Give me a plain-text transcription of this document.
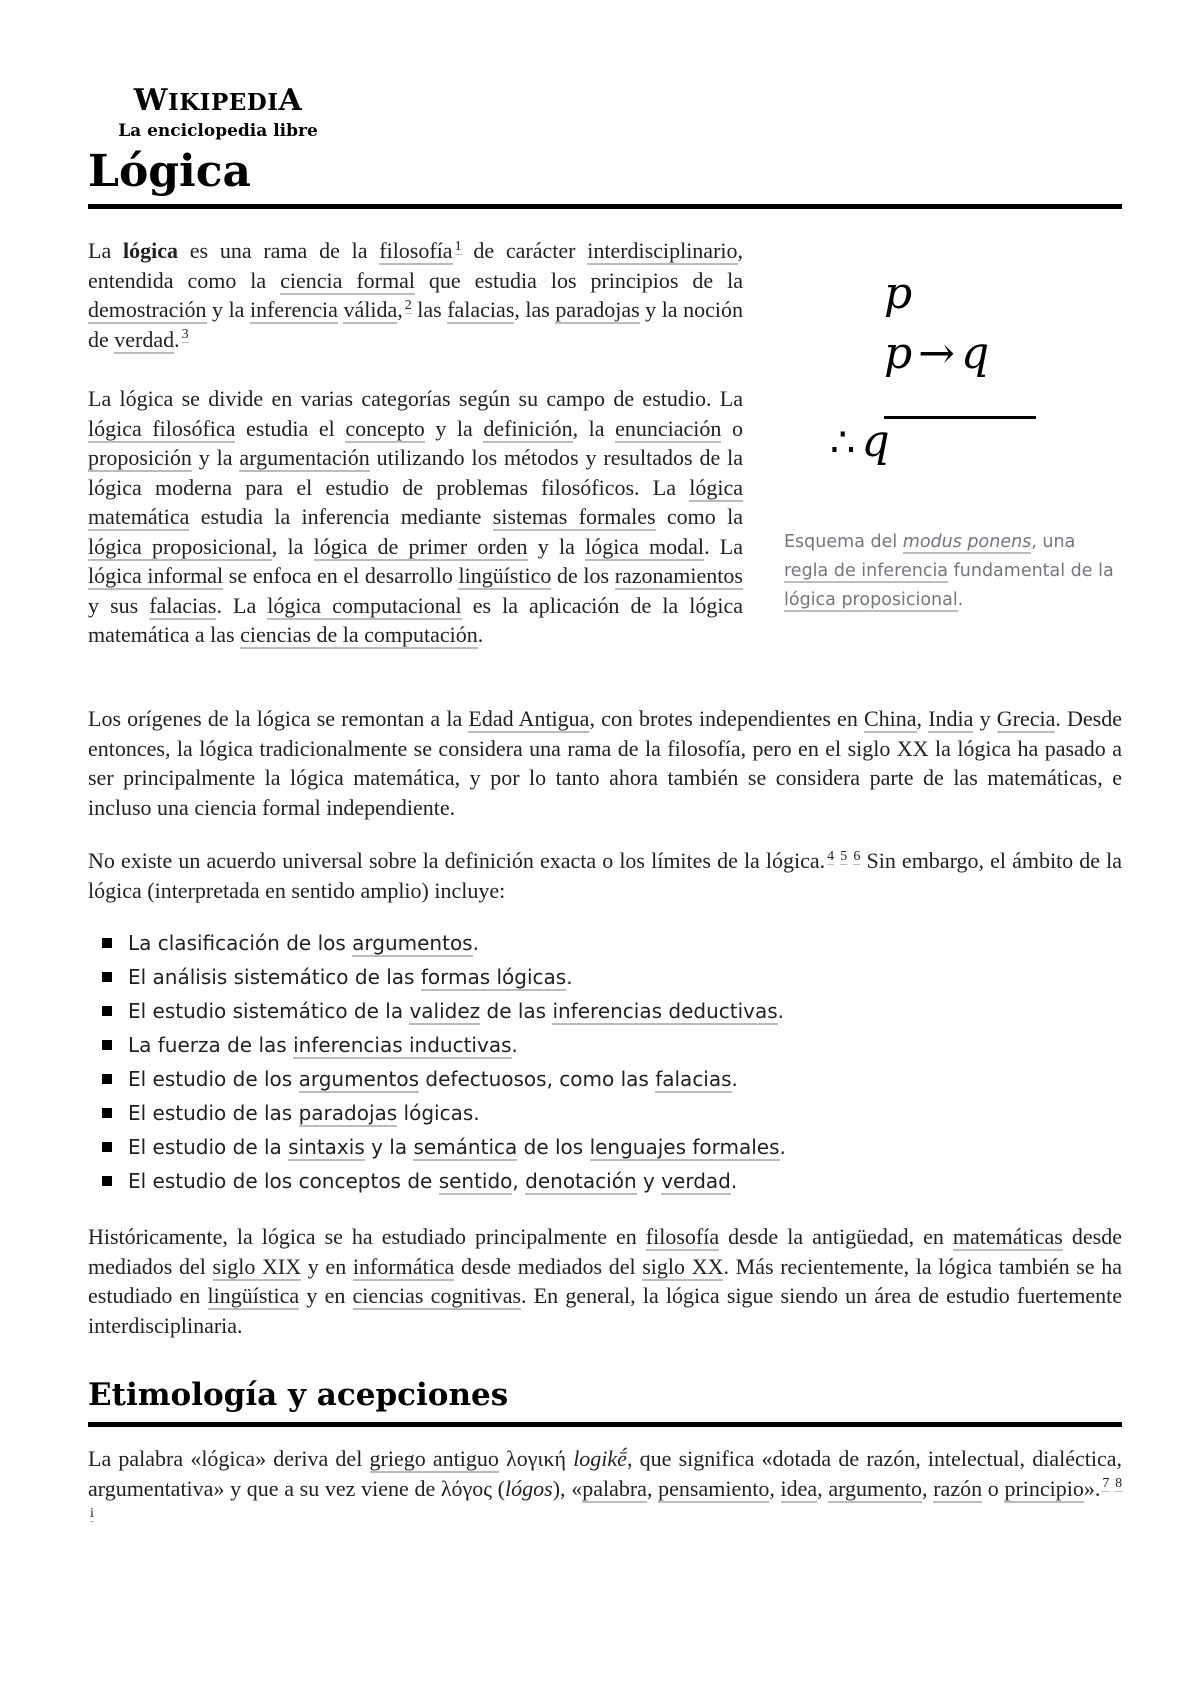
WIKIPEDIA
La enciclopedia libre
Lógica

La lógica es una rama de la filosofía $^1$ de carácter interdisciplinario, entendida como la ciencia formal que estudia los principios de la demostración y la inferencia válida, $^2$ las falacias, las paradojas y la noción de verdad. $^3$

La lógica se divide en varias categorías según su campo de estudio. La lógica filosófica estudia el concepto y la definición, la enunciación o proposición y la argumentación utilizando los métodos y resultados de la lógica moderna para el estudio de problemas filosóficos. La lógica matemática estudia la inferencia mediante sistemas formales como la lógica proposicional, la lógica de primer orden y la lógica modal. La lógica informal se enfoca en el desarrollo lingüístico de los razonamientos y sus falacias. La lógica computacional es la aplicación de la lógica matemática a las ciencias de la computación.

p
p → q
∴ q
Esquema del modus ponens, una regla de inferencia fundamental de la lógica proposicional.

Los orígenes de la lógica se remontan a la Edad Antigua, con brotes independientes en China, India y Grecia. Desde entonces, la lógica tradicionalmente se considera una rama de la filosofía, pero en el siglo XX la lógica ha pasado a ser principalmente la lógica matemática, y por lo tanto ahora también se considera parte de las matemáticas, e incluso una ciencia formal independiente.

No existe un acuerdo universal sobre la definición exacta o los límites de la lógica. $^{4 5 6}$ Sin embargo, el ámbito de la lógica (interpretada en sentido amplio) incluye:

La clasificación de los argumentos.
El análisis sistemático de las formas lógicas.
El estudio sistemático de la validez de las inferencias deductivas.
La fuerza de las inferencias inductivas.
El estudio de los argumentos defectuosos, como las falacias.
El estudio de las paradojas lógicas.
El estudio de la sintaxis y la semántica de los lenguajes formales.
El estudio de los conceptos de sentido, denotación y verdad.

Históricamente, la lógica se ha estudiado principalmente en filosofía desde la antigüedad, en matemáticas desde mediados del siglo XIX y en informática desde mediados del siglo XX. Más recientemente, la lógica también se ha estudiado en lingüística y en ciencias cognitivas. En general, la lógica sigue siendo un área de estudio fuertemente interdisciplinaria.

Etimología y acepciones

La palabra «lógica» deriva del griego antiguo λογική logikḗ, que significa «dotada de razón, intelectual, dialéctica, argumentativa» y que a su vez viene de λόγος (lógos), «palabra, pensamiento, idea, argumento, razón o principio». $^{7 8 i}$
